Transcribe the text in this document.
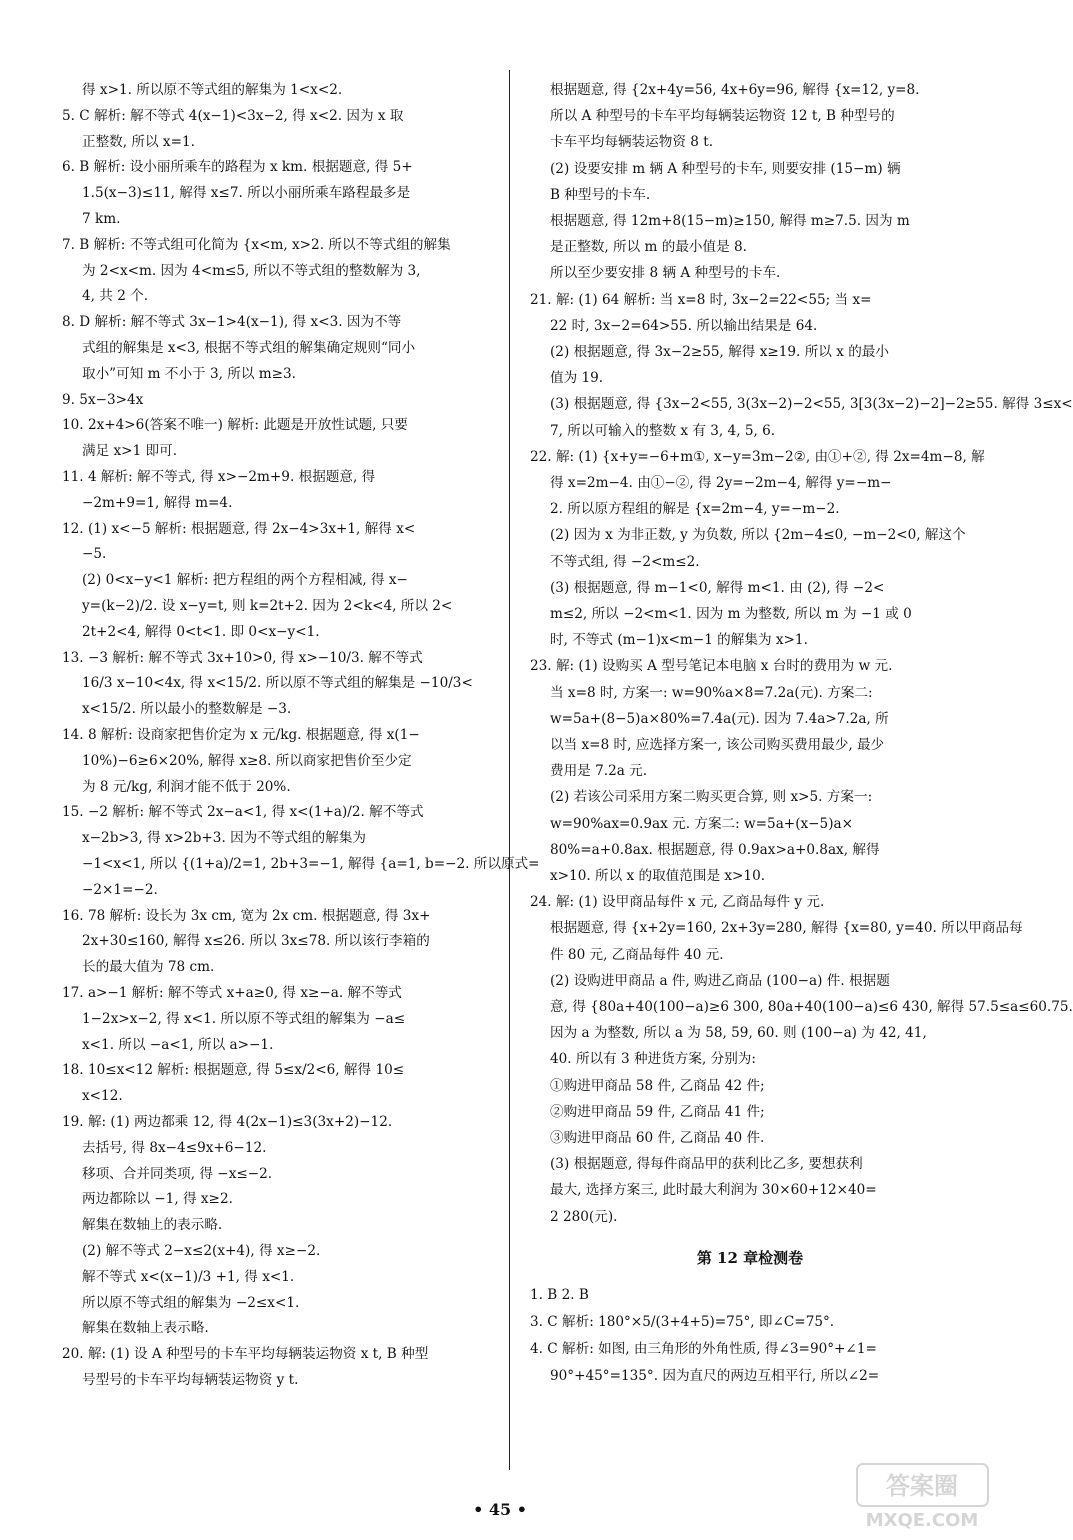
得 x>1. 所以原不等式组的解集为 1<x<2.
5. C 解析: 解不等式 4(x−1)<3x−2, 得 x<2. 因为 x 取
正整数, 所以 x=1.
6. B 解析: 设小丽所乘车的路程为 x km. 根据题意, 得 5+
1.5(x−3)≤11, 解得 x≤7. 所以小丽所乘车路程最多是
7 km.
7. B 解析: 不等式组可化简为 {x<m, x>2. 所以不等式组的解集
为 2<x<m. 因为 4<m≤5, 所以不等式组的整数解为 3,
4, 共 2 个.
8. D 解析: 解不等式 3x−1>4(x−1), 得 x<3. 因为不等
式组的解集是 x<3, 根据不等式组的解集确定规则“同小
取小”可知 m 不小于 3, 所以 m≥3.
9. 5x−3>4x
10. 2x+4>6(答案不唯一) 解析: 此题是开放性试题, 只要
满足 x>1 即可.
11. 4 解析: 解不等式, 得 x>−2m+9. 根据题意, 得
−2m+9=1, 解得 m=4.
12. (1) x<−5 解析: 根据题意, 得 2x−4>3x+1, 解得 x<
−5.
(2) 0<x−y<1 解析: 把方程组的两个方程相减, 得 x−
y=(k−2)/2. 设 x−y=t, 则 k=2t+2. 因为 2<k<4, 所以 2<
2t+2<4, 解得 0<t<1. 即 0<x−y<1.
13. −3 解析: 解不等式 3x+10>0, 得 x>−10/3. 解不等式
16/3 x−10<4x, 得 x<15/2. 所以原不等式组的解集是 −10/3<
x<15/2. 所以最小的整数解是 −3.
14. 8 解析: 设商家把售价定为 x 元/kg. 根据题意, 得 x(1−
10%)−6≥6×20%, 解得 x≥8. 所以商家把售价至少定
为 8 元/kg, 利润才能不低于 20%.
15. −2 解析: 解不等式 2x−a<1, 得 x<(1+a)/2. 解不等式
x−2b>3, 得 x>2b+3. 因为不等式组的解集为
−1<x<1, 所以 {(1+a)/2=1, 2b+3=−1, 解得 {a=1, b=−2. 所以原式=
−2×1=−2.
16. 78 解析: 设长为 3x cm, 宽为 2x cm. 根据题意, 得 3x+
2x+30≤160, 解得 x≤26. 所以 3x≤78. 所以该行李箱的
长的最大值为 78 cm.
17. a>−1 解析: 解不等式 x+a≥0, 得 x≥−a. 解不等式
1−2x>x−2, 得 x<1. 所以原不等式组的解集为 −a≤
x<1. 所以 −a<1, 所以 a>−1.
18. 10≤x<12 解析: 根据题意, 得 5≤x/2<6, 解得 10≤
x<12.
19. 解: (1) 两边都乘 12, 得 4(2x−1)≤3(3x+2)−12.
去括号, 得 8x−4≤9x+6−12.
移项、合并同类项, 得 −x≤−2.
两边都除以 −1, 得 x≥2.
解集在数轴上的表示略.
(2) 解不等式 2−x≤2(x+4), 得 x≥−2.
解不等式 x<(x−1)/3 +1, 得 x<1.
所以原不等式组的解集为 −2≤x<1.
解集在数轴上表示略.
20. 解: (1) 设 A 种型号的卡车平均每辆装运物资 x t, B 种型
号型号的卡车平均每辆装运物资 y t.
根据题意, 得 {2x+4y=56, 4x+6y=96, 解得 {x=12, y=8.
所以 A 种型号的卡车平均每辆装运物资 12 t, B 种型号的
卡车平均每辆装运物资 8 t.
(2) 设要安排 m 辆 A 种型号的卡车, 则要安排 (15−m) 辆
B 种型号的卡车.
根据题意, 得 12m+8(15−m)≥150, 解得 m≥7.5. 因为 m
是正整数, 所以 m 的最小值是 8.
所以至少要安排 8 辆 A 种型号的卡车.
21. 解: (1) 64 解析: 当 x=8 时, 3x−2=22<55; 当 x=
22 时, 3x−2=64>55. 所以输出结果是 64.
(2) 根据题意, 得 3x−2≥55, 解得 x≥19. 所以 x 的最小
值为 19.
(3) 根据题意, 得 {3x−2<55, 3(3x−2)−2<55, 3[3(3x−2)−2]−2≥55. 解得 3≤x<
7, 所以可输入的整数 x 有 3, 4, 5, 6.
22. 解: (1) {x+y=−6+m①, x−y=3m−2②, 由①+②, 得 2x=4m−8, 解
得 x=2m−4. 由①−②, 得 2y=−2m−4, 解得 y=−m−
2. 所以原方程组的解是 {x=2m−4, y=−m−2.
(2) 因为 x 为非正数, y 为负数, 所以 {2m−4≤0, −m−2<0, 解这个
不等式组, 得 −2<m≤2.
(3) 根据题意, 得 m−1<0, 解得 m<1. 由 (2), 得 −2<
m≤2, 所以 −2<m<1. 因为 m 为整数, 所以 m 为 −1 或 0
时, 不等式 (m−1)x<m−1 的解集为 x>1.
23. 解: (1) 设购买 A 型号笔记本电脑 x 台时的费用为 w 元.
当 x=8 时, 方案一: w=90%a×8=7.2a(元). 方案二:
w=5a+(8−5)a×80%=7.4a(元). 因为 7.4a>7.2a, 所
以当 x=8 时, 应选择方案一, 该公司购买费用最少, 最少
费用是 7.2a 元.
(2) 若该公司采用方案二购买更合算, 则 x>5. 方案一:
w=90%ax=0.9ax 元. 方案二: w=5a+(x−5)a×
80%=a+0.8ax. 根据题意, 得 0.9ax>a+0.8ax, 解得
x>10. 所以 x 的取值范围是 x>10.
24. 解: (1) 设甲商品每件 x 元, 乙商品每件 y 元.
根据题意, 得 {x+2y=160, 2x+3y=280, 解得 {x=80, y=40. 所以甲商品每
件 80 元, 乙商品每件 40 元.
(2) 设购进甲商品 a 件, 购进乙商品 (100−a) 件. 根据题
意, 得 {80a+40(100−a)≥6 300, 80a+40(100−a)≤6 430, 解得 57.5≤a≤60.75.
因为 a 为整数, 所以 a 为 58, 59, 60. 则 (100−a) 为 42, 41,
40. 所以有 3 种进货方案, 分别为:
①购进甲商品 58 件, 乙商品 42 件;
②购进甲商品 59 件, 乙商品 41 件;
③购进甲商品 60 件, 乙商品 40 件.
(3) 根据题意, 得每件商品甲的获利比乙多, 要想获利
最大, 选择方案三, 此时最大利润为 30×60+12×40=
2 280(元).
第 12 章检测卷
1. B 2. B
3. C 解析: 180°×5/(3+4+5)=75°, 即∠C=75°.
4. C 解析: 如图, 由三角形的外角性质, 得∠3=90°+∠1=
90°+45°=135°. 因为直尺的两边互相平行, 所以∠2=
• 45 •
答案圈
MXQE.COM
